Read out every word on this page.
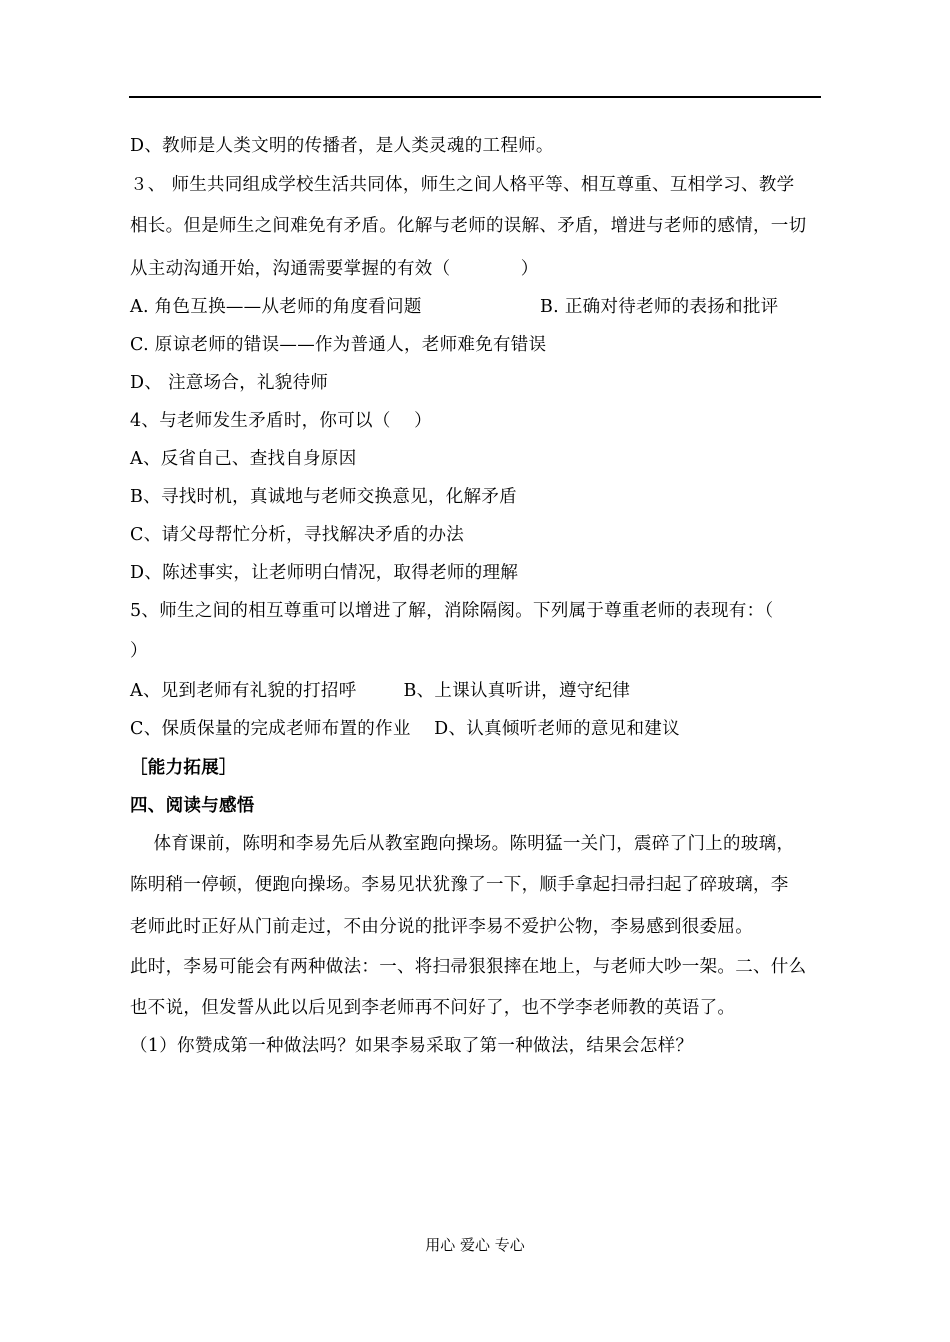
D、教师是人类文明的传播者，是人类灵魂的工程师。
３、 师生共同组成学校生活共同体，师生之间人格平等、相互尊重、互相学习、教学
相长。但是师生之间难免有矛盾。化解与老师的误解、矛盾，增进与老师的感情，一切
从主动沟通开始，沟通需要掌握的有效（            ）
A. 角色互换——从老师的角度看问题	B. 正确对待老师的表扬和批评
C. 原谅老师的错误——作为普通人，老师难免有错误
D、 注意场合，礼貌待师
4、与老师发生矛盾时，你可以（    ）
A、反省自己、查找自身原因
B、寻找时机，真诚地与老师交换意见，化解矛盾
C、请父母帮忙分析，寻找解决矛盾的办法
D、陈述事实，让老师明白情况，取得老师的理解
5、师生之间的相互尊重可以增进了解，消除隔阂。下列属于尊重老师的表现有：（
）
A、见到老师有礼貌的打招呼        B、上课认真听讲，遵守纪律
C、保质保量的完成老师布置的作业    D、认真倾听老师的意见和建议
［能力拓展］
四、阅读与感悟
体育课前，陈明和李易先后从教室跑向操场。陈明猛一关门，震碎了门上的玻璃，
陈明稍一停顿，便跑向操场。李易见状犹豫了一下，顺手拿起扫帚扫起了碎玻璃，李
老师此时正好从门前走过，不由分说的批评李易不爱护公物，李易感到很委屈。
此时，李易可能会有两种做法：一、将扫帚狠狠摔在地上，与老师大吵一架。二、什么
也不说，但发誓从此以后见到李老师再不问好了，也不学李老师教的英语了。
（1）你赞成第一种做法吗？如果李易采取了第一种做法，结果会怎样？
用心 爱心 专心
